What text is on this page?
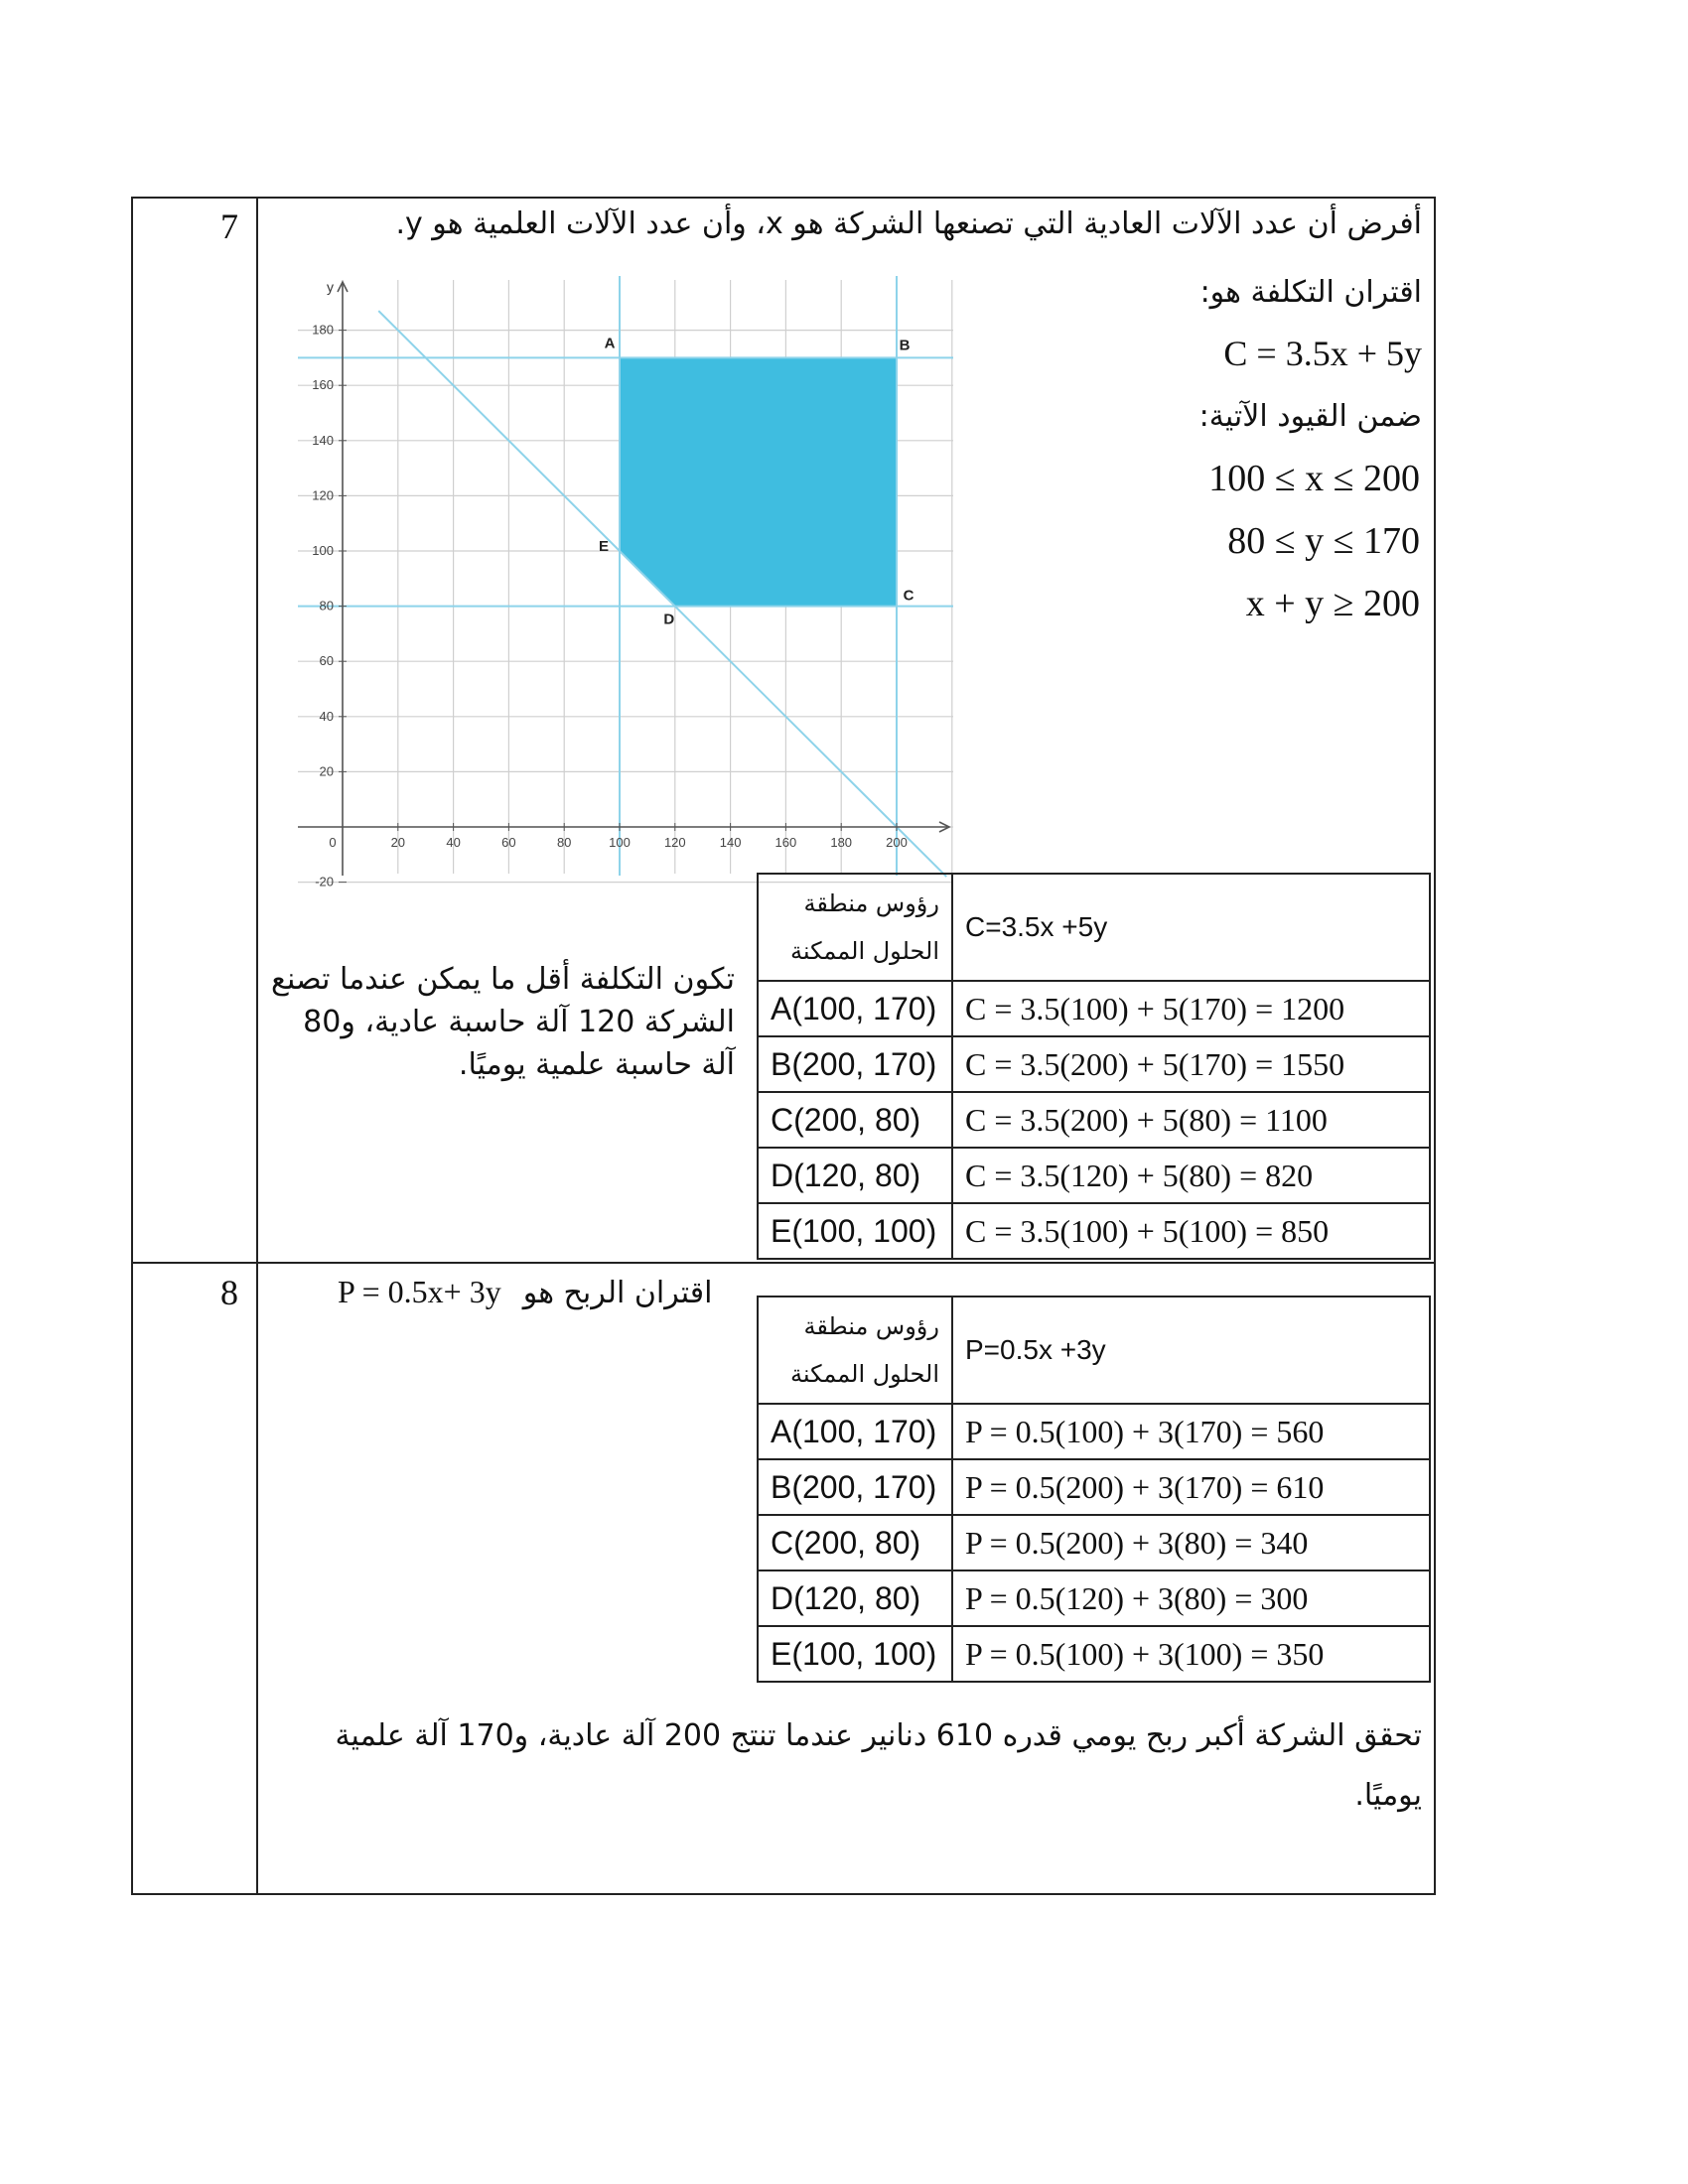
7	أفرض أن عدد الآلات العادية التي تصنعها الشركة هو x، وأن عدد الآلات العلمية هو y.
اقتران التكلفة هو:
C = 3.5x + 5y
ضمن القيود الآتية:
100 ≤ x ≤ 200
80 ≤ y ≤ 170
x + y ≥ 200
y
0	20	40	60	80	100	120	140	160	180	200
-20
20
40
60
80
100
120
140
160
180
A	B
C
D
E
تكون التكلفة أقل ما يمكن عندما تصنع
الشركة 120 آلة حاسبة عادية، و80
آلة حاسبة علمية يوميًا.
رؤوس منطقة
الحلول الممكنة	C=3.5x +5y
A(100, 170)	C = 3.5(100) + 5(170) = 1200
B(200, 170)	C = 3.5(200) + 5(170) = 1550
C(200, 80)	C = 3.5(200) + 5(80) = 1100
D(120, 80)	C = 3.5(120) + 5(80) = 820
E(100, 100)	C = 3.5(100) + 5(100) = 850
8	P = 0.5x+ 3y اقتران الربح هو
رؤوس منطقة
الحلول الممكنة	P=0.5x +3y
A(100, 170)	P = 0.5(100) + 3(170) = 560
B(200, 170)	P = 0.5(200) + 3(170) = 610
C(200, 80)	P = 0.5(200) + 3(80) = 340
D(120, 80)	P = 0.5(120) + 3(80) = 300
E(100, 100)	P = 0.5(100) + 3(100) = 350
تحقق الشركة أكبر ربح يومي قدره 610 دنانير عندما تنتج 200 آلة عادية، و170 آلة علمية
يوميًا.
